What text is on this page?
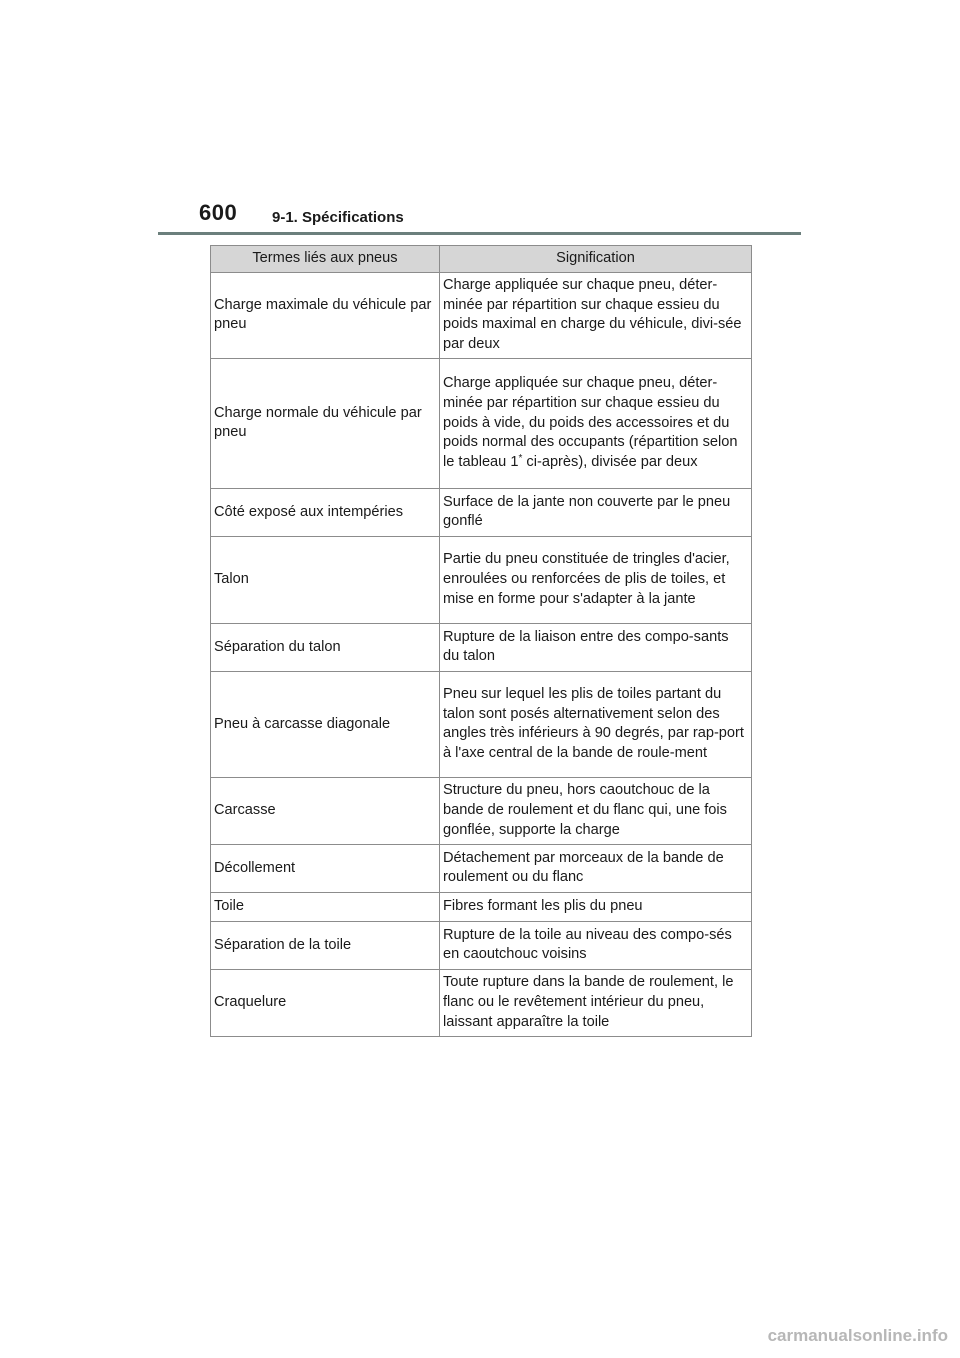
600 9-1. Spécifications
Termes liés aux pneus	Signification
Charge maximale du véhicule par pneu	Charge appliquée sur chaque pneu, déter-minée par répartition sur chaque essieu du poids maximal en charge du véhicule, divi-sée par deux
Charge normale du véhicule par pneu	Charge appliquée sur chaque pneu, déter-minée par répartition sur chaque essieu du poids à vide, du poids des accessoires et du poids normal des occupants (répartition selon le tableau 1* ci-après), divisée par deux
Côté exposé aux intempéries	Surface de la jante non couverte par le pneu gonflé
Talon	Partie du pneu constituée de tringles d'acier, enroulées ou renforcées de plis de toiles, et mise en forme pour s'adapter à la jante
Séparation du talon	Rupture de la liaison entre des compo-sants du talon
Pneu à carcasse diagonale	Pneu sur lequel les plis de toiles partant du talon sont posés alternativement selon des angles très inférieurs à 90 degrés, par rap-port à l'axe central de la bande de roule-ment
Carcasse	Structure du pneu, hors caoutchouc de la bande de roulement et du flanc qui, une fois gonflée, supporte la charge
Décollement	Détachement par morceaux de la bande de roulement ou du flanc
Toile	Fibres formant les plis du pneu
Séparation de la toile	Rupture de la toile au niveau des compo-sés en caoutchouc voisins
Craquelure	Toute rupture dans la bande de roulement, le flanc ou le revêtement intérieur du pneu, laissant apparaître la toile
carmanualsonline.info
